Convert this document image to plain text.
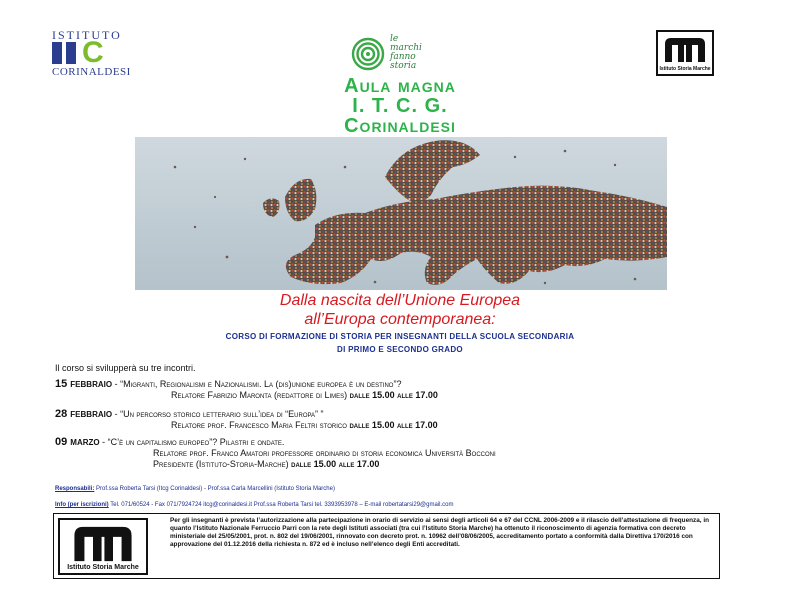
ISTITUTO
C
CORINALDESI
le
marchi
fanno
storia	Istituto Storia Marche
Aula magna
I. T. C. G.
Corinaldesi
Dalla nascita dell’Unione Europea
all’Europa contemporanea:
CORSO DI FORMAZIONE DI STORIA PER INSEGNANTI DELLA SCUOLA SECONDARIA
DI PRIMO E SECONDO GRADO
Il corso si svilupperà su tre incontri.
15 febbraio - “Migranti, Regionalismi e Nazionalismi. La (dis)unione europea è un destino”?
Relatore Fabrizio Maronta (redattore di Limes) dalle 15.00 alle 17.00
28 febbraio - “Un percorso storico letterario sull’idea di “Europa” ”
Relatore prof. Francesco Maria Feltri storico dalle 15.00 alle 17.00
09 marzo - “C’è un capitalismo europeo”? Pilastri e ondate.
Relatore prof. Franco Amatori professore ordinario di storia economica Università Bocconi
Presidente (Istituto-Storia-Marche) dalle 15.00 alle 17.00
Responsabili: Prof.ssa Roberta Tarsi (Itcg Corinaldesi) - Prof.ssa Carla Marcellini (Istituto Storia Marche)
Info (per iscrizioni) Tel. 071/60524 - Fax 071/7924724 itcg@corinaldesi.it Prof.ssa Roberta Tarsi tel. 3393953978 – E-mail robertatarsi29@gmail.com
Istituto Storia Marche
Per gli insegnanti è prevista l’autorizzazione alla partecipazione in orario di servizio ai sensi degli articoli 64 e 67 del CCNL 2006-2009 e il rilascio dell’attestazione di frequenza, in quanto l’Istituto Nazionale Ferruccio Parri con la rete degli Istituti associati (tra cui l’Istituto Storia Marche) ha ottenuto il riconoscimento di agenzia formativa con decreto ministeriale del 25/05/2001, prot. n. 802 del 19/06/2001, rinnovato con decreto prot. n. 10962 dell’08/06/2005, accreditamento portato a conformità dalla Direttiva 170/2016 con approvazione del 01.12.2016 della richiesta n. 872 ed è incluso nell’elenco degli Enti accreditati.
